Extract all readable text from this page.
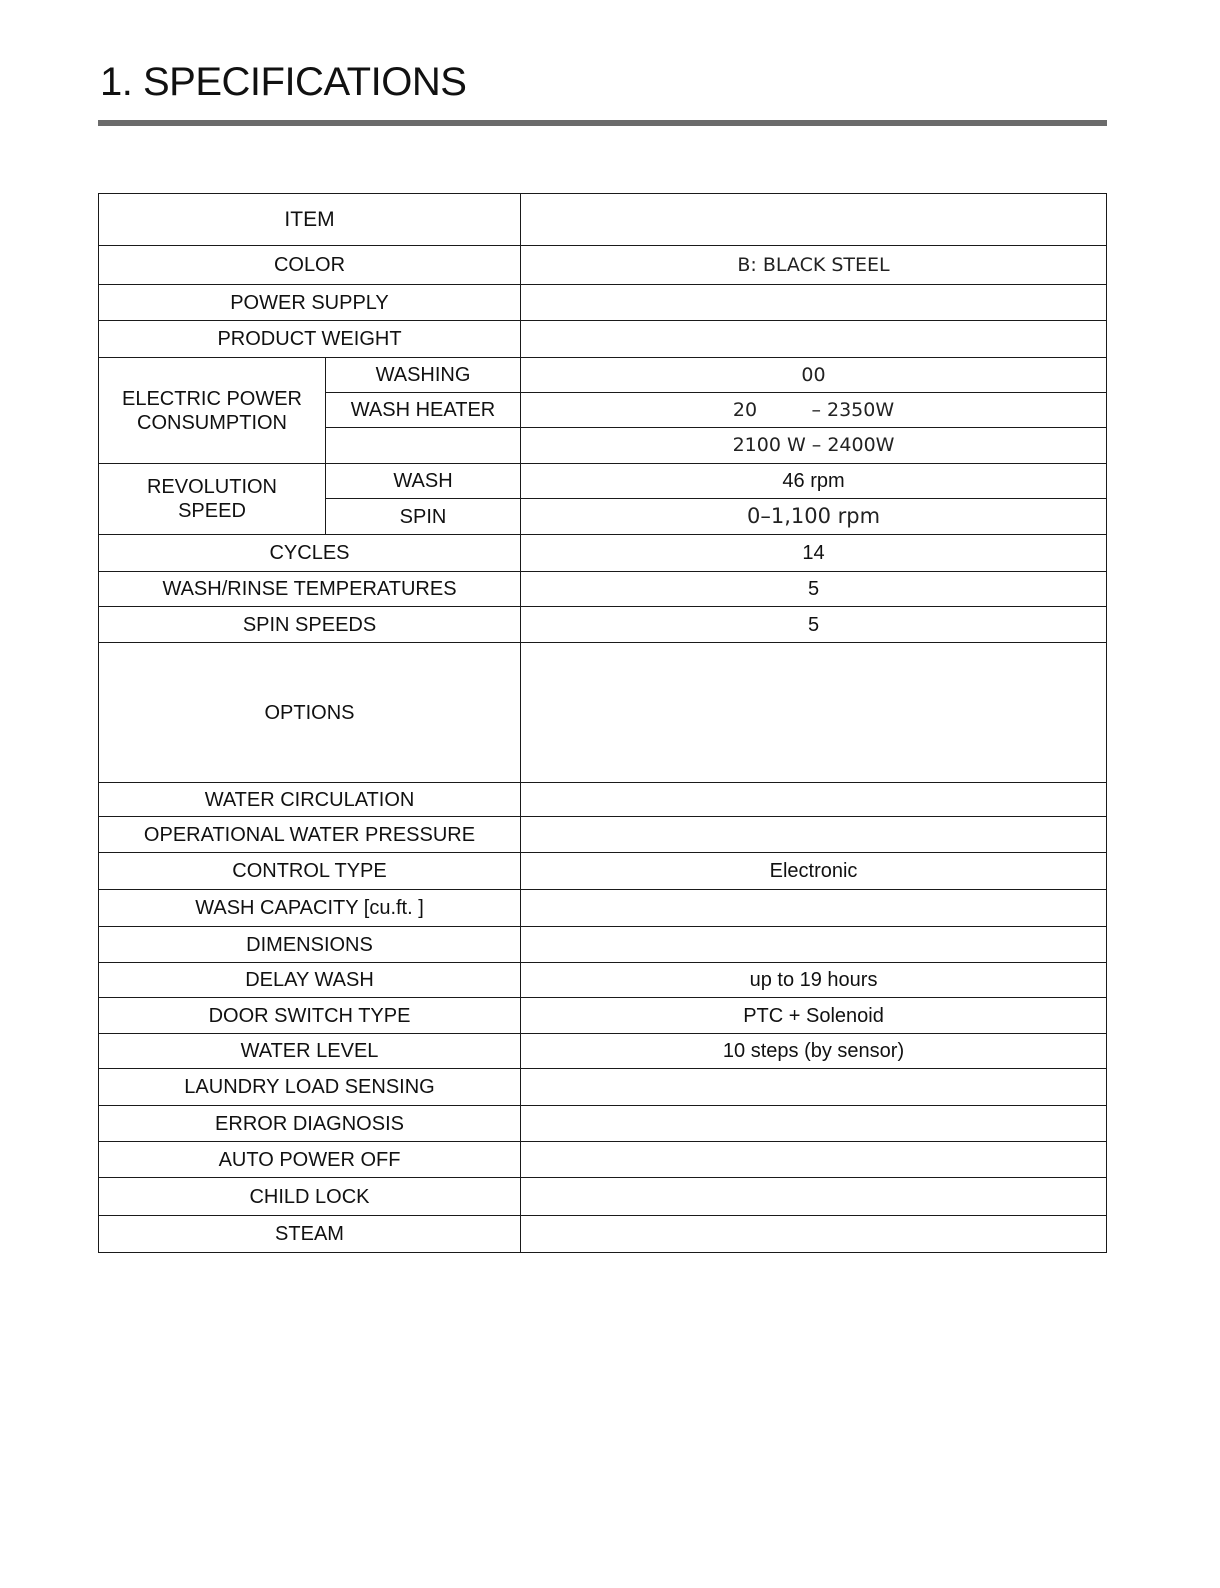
1. SPECIFICATIONS
ITEM		
COLOR		B: BLACK STEEL
POWER SUPPLY		
PRODUCT WEIGHT		
ELECTRIC POWER
CONSUMPTION	WASHING	00
	WASH HEATER	20         – 2350W
		2100 W – 2400W
REVOLUTION
SPEED	WASH	46 rpm
	SPIN	0–1,100 rpm
CYCLES		14
WASH/RINSE TEMPERATURES		5
SPIN SPEEDS		5
OPTIONS		
WATER CIRCULATION		
OPERATIONAL WATER PRESSURE		
CONTROL TYPE		Electronic
WASH CAPACITY [cu.ft. ]		
DIMENSIONS		
DELAY WASH		up to 19 hours
DOOR SWITCH TYPE		PTC + Solenoid
WATER LEVEL		10 steps (by sensor)
LAUNDRY LOAD SENSING		
ERROR DIAGNOSIS		
AUTO POWER OFF		
CHILD LOCK		
STEAM		
